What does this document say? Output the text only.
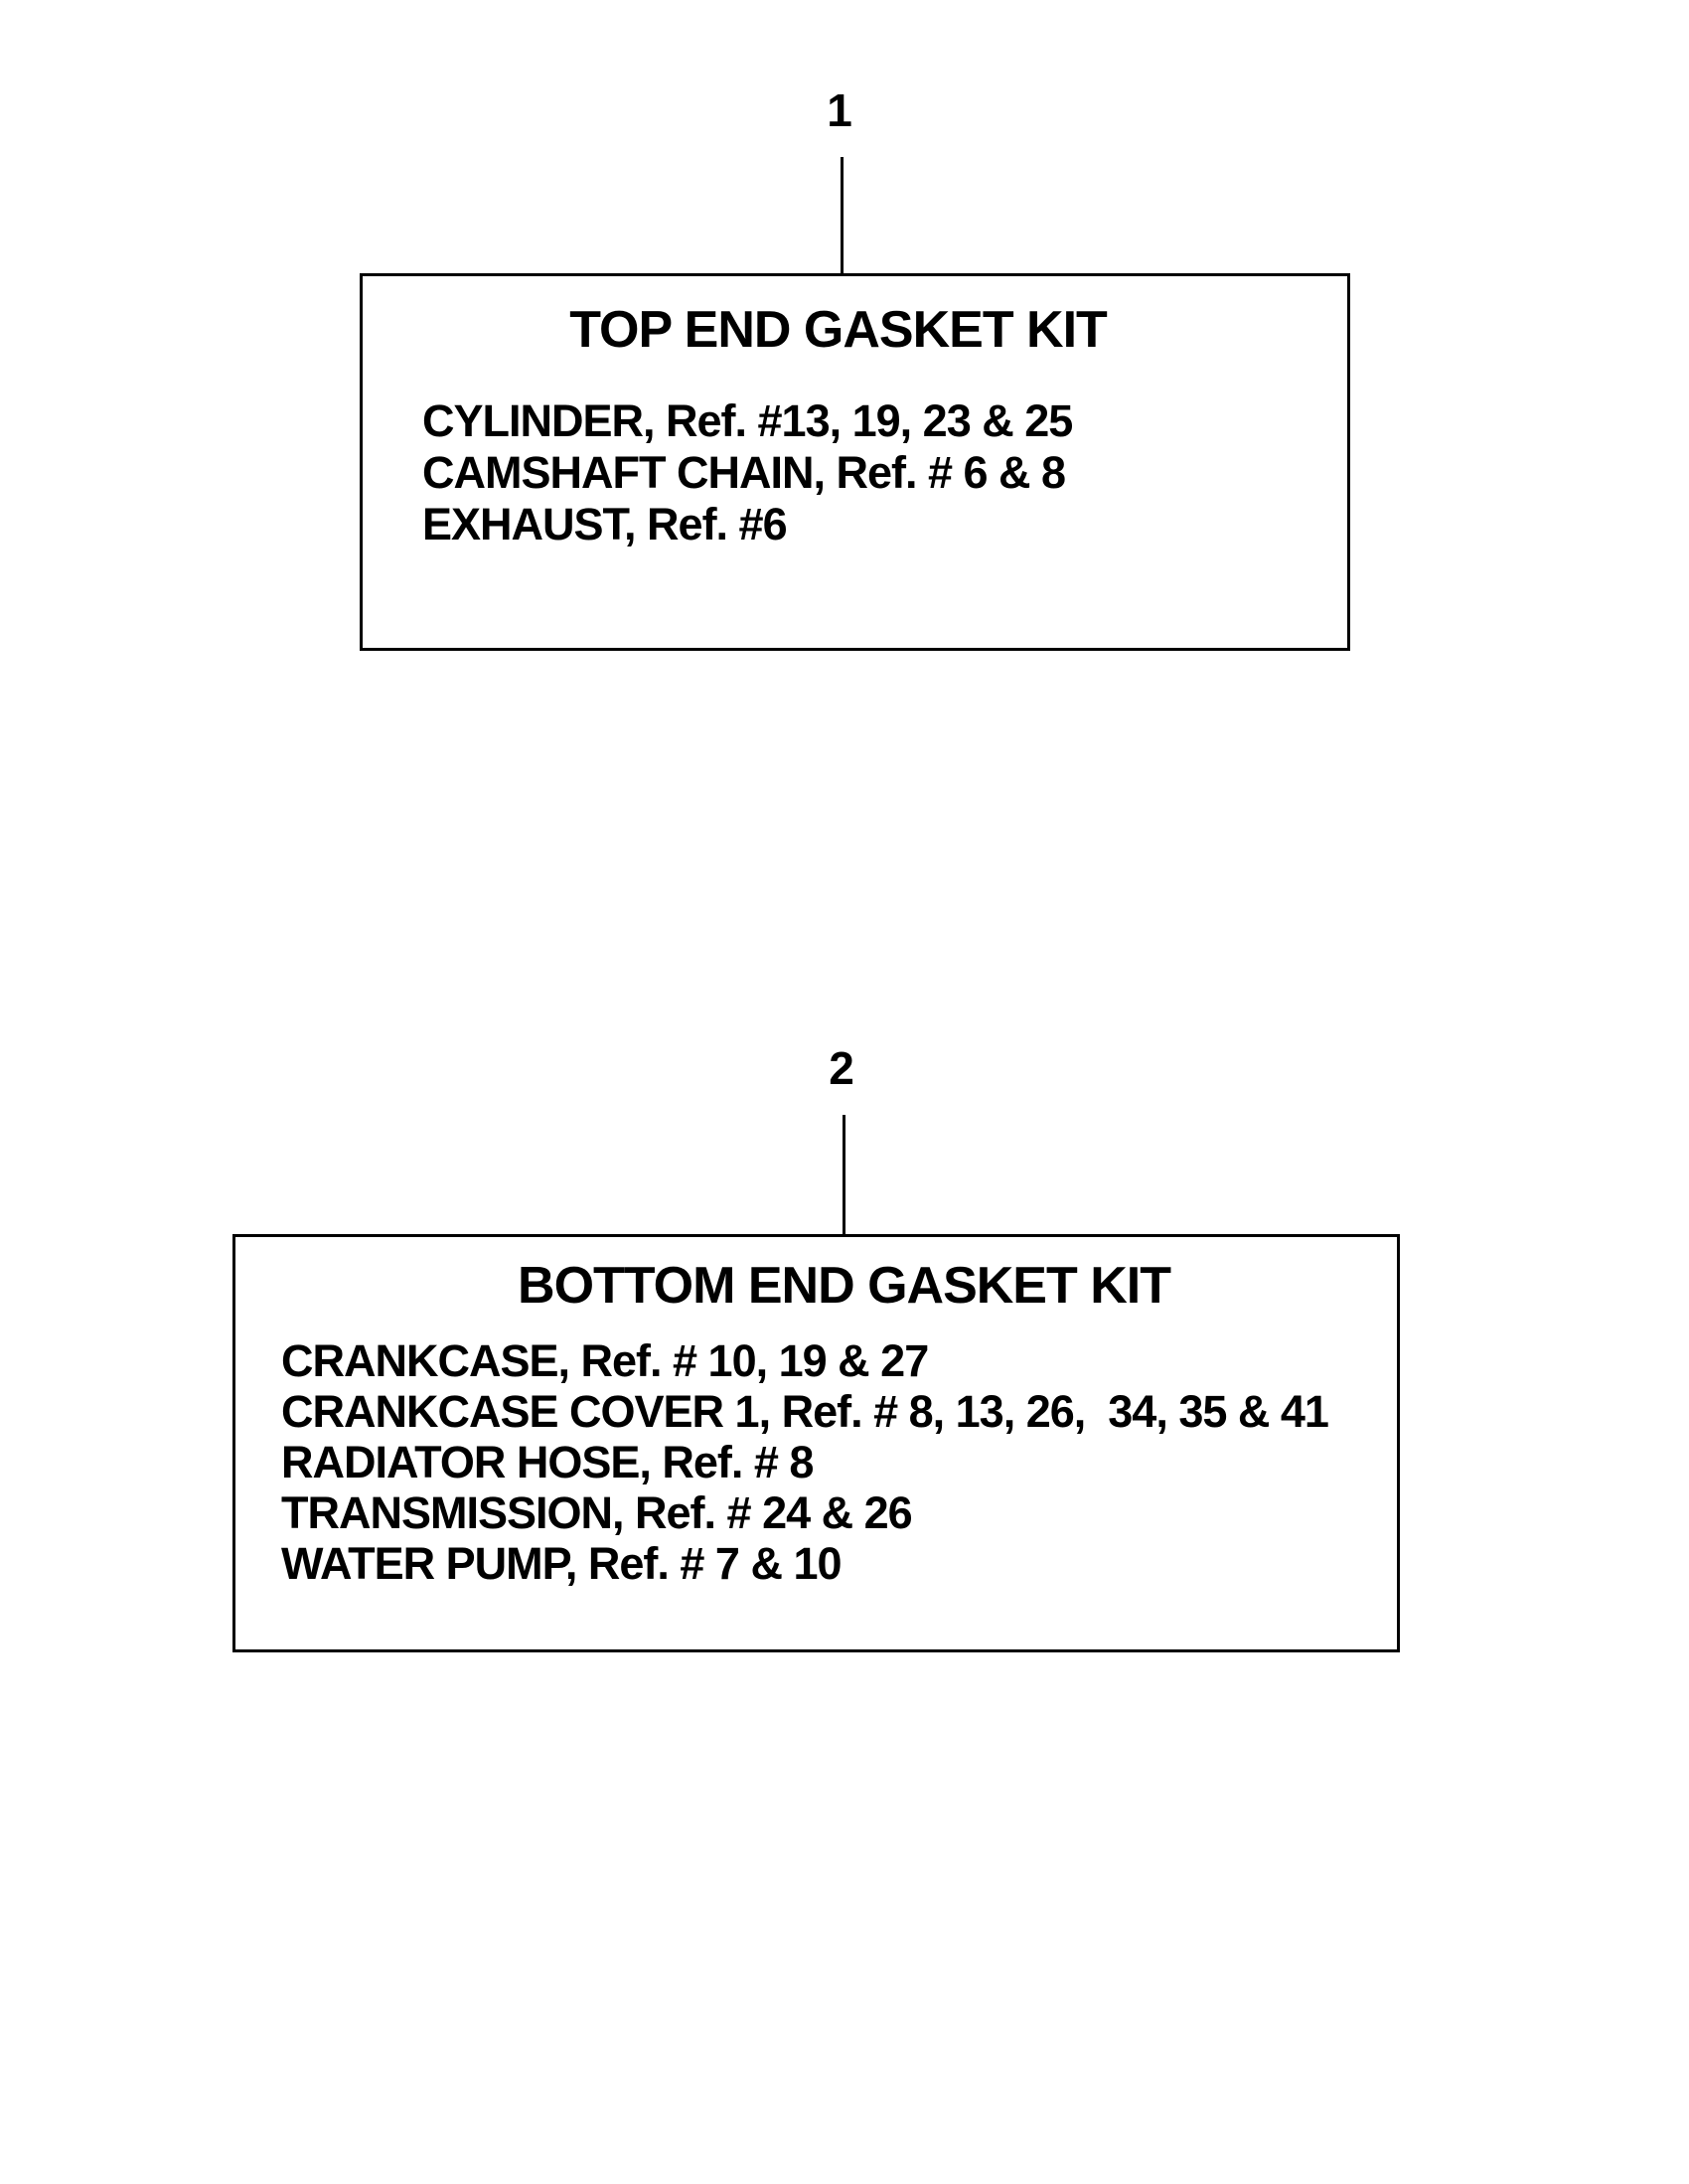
1
TOP END GASKET KIT
CYLINDER, Ref. #13, 19, 23 & 25
CAMSHAFT CHAIN, Ref. # 6 & 8
EXHAUST, Ref. #6
2
BOTTOM END GASKET KIT
CRANKCASE, Ref. # 10, 19 & 27
CRANKCASE COVER 1, Ref. # 8, 13, 26,  34, 35 & 41
RADIATOR HOSE, Ref. # 8
TRANSMISSION, Ref. # 24 & 26
WATER PUMP, Ref. # 7 & 10
